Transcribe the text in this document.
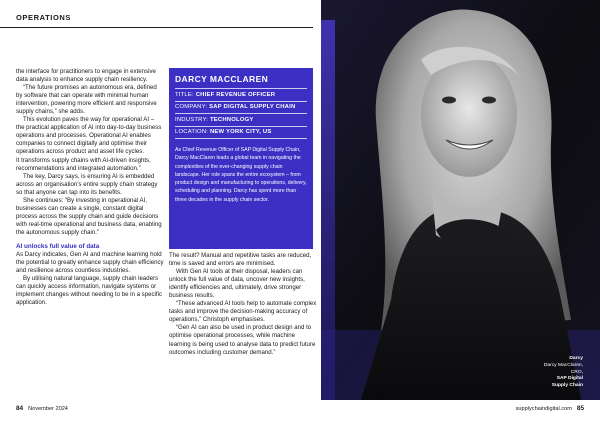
OPERATIONS

the interface for practitioners to engage in extensive data analysis to enhance supply chain resiliency.

“The future promises an autonomous era, defined by software that can operate with minimal human intervention, powering more efficient and responsive supply chains,” she adds.

This evolution paves the way for operational AI – the practical application of AI into day-to-day business operations and processes. Operational AI enables companies to connect digitally and optimise their operations across product and asset life cycles.

It transforms supply chains with AI-driven insights, recommendations and integrated automation.”

The key, Darcy says, is ensuring AI is embedded across an organisation’s entire supply chain strategy so that anyone can tap into its benefits.

She continues: “By investing in operational AI, businesses can create a single, constant digital process across the supply chain and guide decisions with real-time operational and business data, enabling the autonomous supply chain.”

AI unlocks full value of data

As Darcy indicates, Gen AI and machine learning hold the potential to greatly enhance supply chain efficiency and resilience across countless industries.

By utilising natural language, supply chain leaders can quickly access information, navigate systems or implement changes without needing to be in a specific application.

DARCY MACCLAREN
TITLE: CHIEF REVENUE OFFICER
COMPANY: SAP DIGITAL SUPPLY CHAIN
INDUSTRY: TECHNOLOGY
LOCATION: NEW YORK CITY, US
As Chief Revenue Officer of SAP Digital Supply Chain, Darcy MacClaren leads a global team in navigating the complexities of the ever-changing supply chain landscape. Her role spans the entire ecosystem – from product design and manufacturing to operations, delivery, scheduling and planning. Darcy has spent more than three decades in the supply chain sector.

The result? Manual and repetitive tasks are reduced, time is saved and errors are minimised.

With Gen AI tools at their disposal, leaders can unlock the full value of data, uncover new insights, identify efficiencies and, ultimately, drive stronger business results.

“These advanced AI tools help to automate complex tasks and improve the decision-making accuracy of operations,” Christoph emphasises.

“Gen AI can also be used in product design and to optimise operational processes, while machine learning is being used to analyse data to predict future outcomes including customer demand.”

Darcy
Darcy MacClaren,
CRO,
SAP Digital
Supply Chain
84 November 2024	supplychaindigital.com 85
